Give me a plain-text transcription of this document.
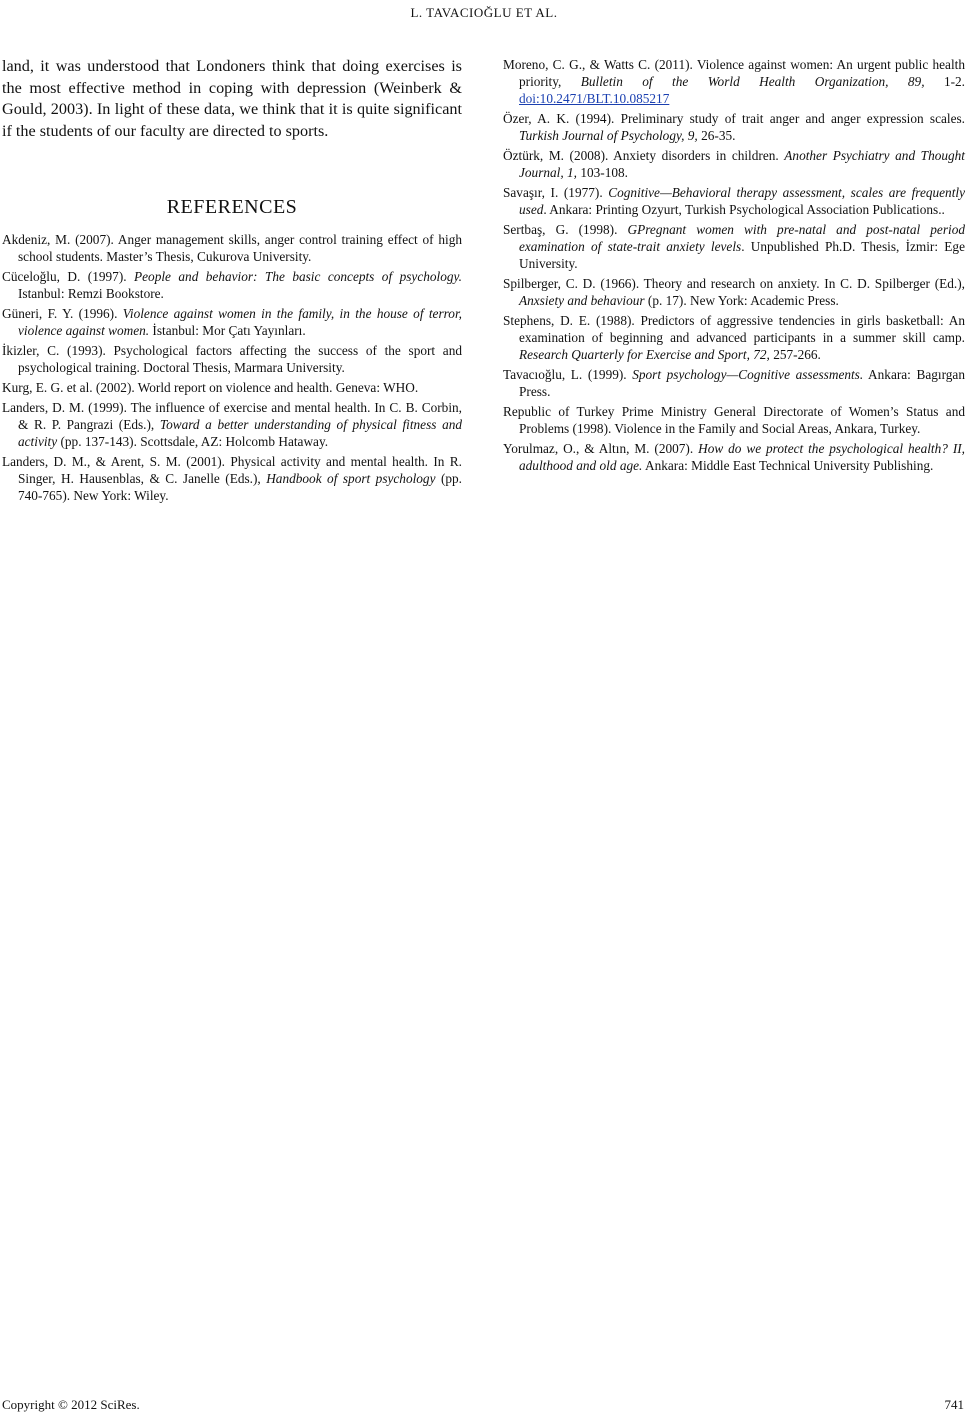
L. TAVACIOĞLU ET AL.

land, it was understood that Londoners think that doing exercises is the most effective method in coping with depression (Weinberk & Gould, 2003). In light of these data, we think that it is quite significant if the students of our faculty are directed to sports.

REFERENCES

Akdeniz, M. (2007). Anger management skills, anger control training effect of high school students. Master’s Thesis, Cukurova University.

Cüceloğlu, D. (1997). People and behavior: The basic concepts of psychology. Istanbul: Remzi Bookstore.

Güneri, F. Y. (1996). Violence against women in the family, in the house of terror, violence against women. İstanbul: Mor Çatı Yayınları.

İkizler, C. (1993). Psychological factors affecting the success of the sport and psychological training. Doctoral Thesis, Marmara University.

Kurg, E. G. et al. (2002). World report on violence and health. Geneva: WHO.

Landers, D. M. (1999). The influence of exercise and mental health. In C. B. Corbin, & R. P. Pangrazi (Eds.), Toward a better understanding of physical fitness and activity (pp. 137-143). Scottsdale, AZ: Holcomb Hataway.

Landers, D. M., & Arent, S. M. (2001). Physical activity and mental health. In R. Singer, H. Hausenblas, & C. Janelle (Eds.), Handbook of sport psychology (pp. 740-765). New York: Wiley.

Moreno, C. G., & Watts C. (2011). Violence against women: An urgent public health priority, Bulletin of the World Health Organization, 89, 1-2. doi:10.2471/BLT.10.085217

Özer, A. K. (1994). Preliminary study of trait anger and anger expression scales. Turkish Journal of Psychology, 9, 26-35.

Öztürk, M. (2008). Anxiety disorders in children. Another Psychiatry and Thought Journal, 1, 103-108.

Savaşır, I. (1977). Cognitive—Behavioral therapy assessment, scales are frequently used. Ankara: Printing Ozyurt, Turkish Psychological Association Publications..

Sertbaş, G. (1998). GPregnant women with pre-natal and post-natal period examination of state-trait anxiety levels. Unpublished Ph.D. Thesis, İzmir: Ege University.

Spilberger, C. D. (1966). Theory and research on anxiety. In C. D. Spilberger (Ed.), Anxsiety and behaviour (p. 17). New York: Academic Press.

Stephens, D. E. (1988). Predictors of aggressive tendencies in girls basketball: An examination of beginning and advanced participants in a summer skill camp. Research Quarterly for Exercise and Sport, 72, 257-266.

Tavacıoğlu, L. (1999). Sport psychology—Cognitive assessments. Ankara: Bagırgan Press.

Republic of Turkey Prime Ministry General Directorate of Women’s Status and Problems (1998). Violence in the Family and Social Areas, Ankara, Turkey.

Yorulmaz, O., & Altın, M. (2007). How do we protect the psychological health? II, adulthood and old age. Ankara: Middle East Technical University Publishing.

Copyright © 2012 SciRes.	741
